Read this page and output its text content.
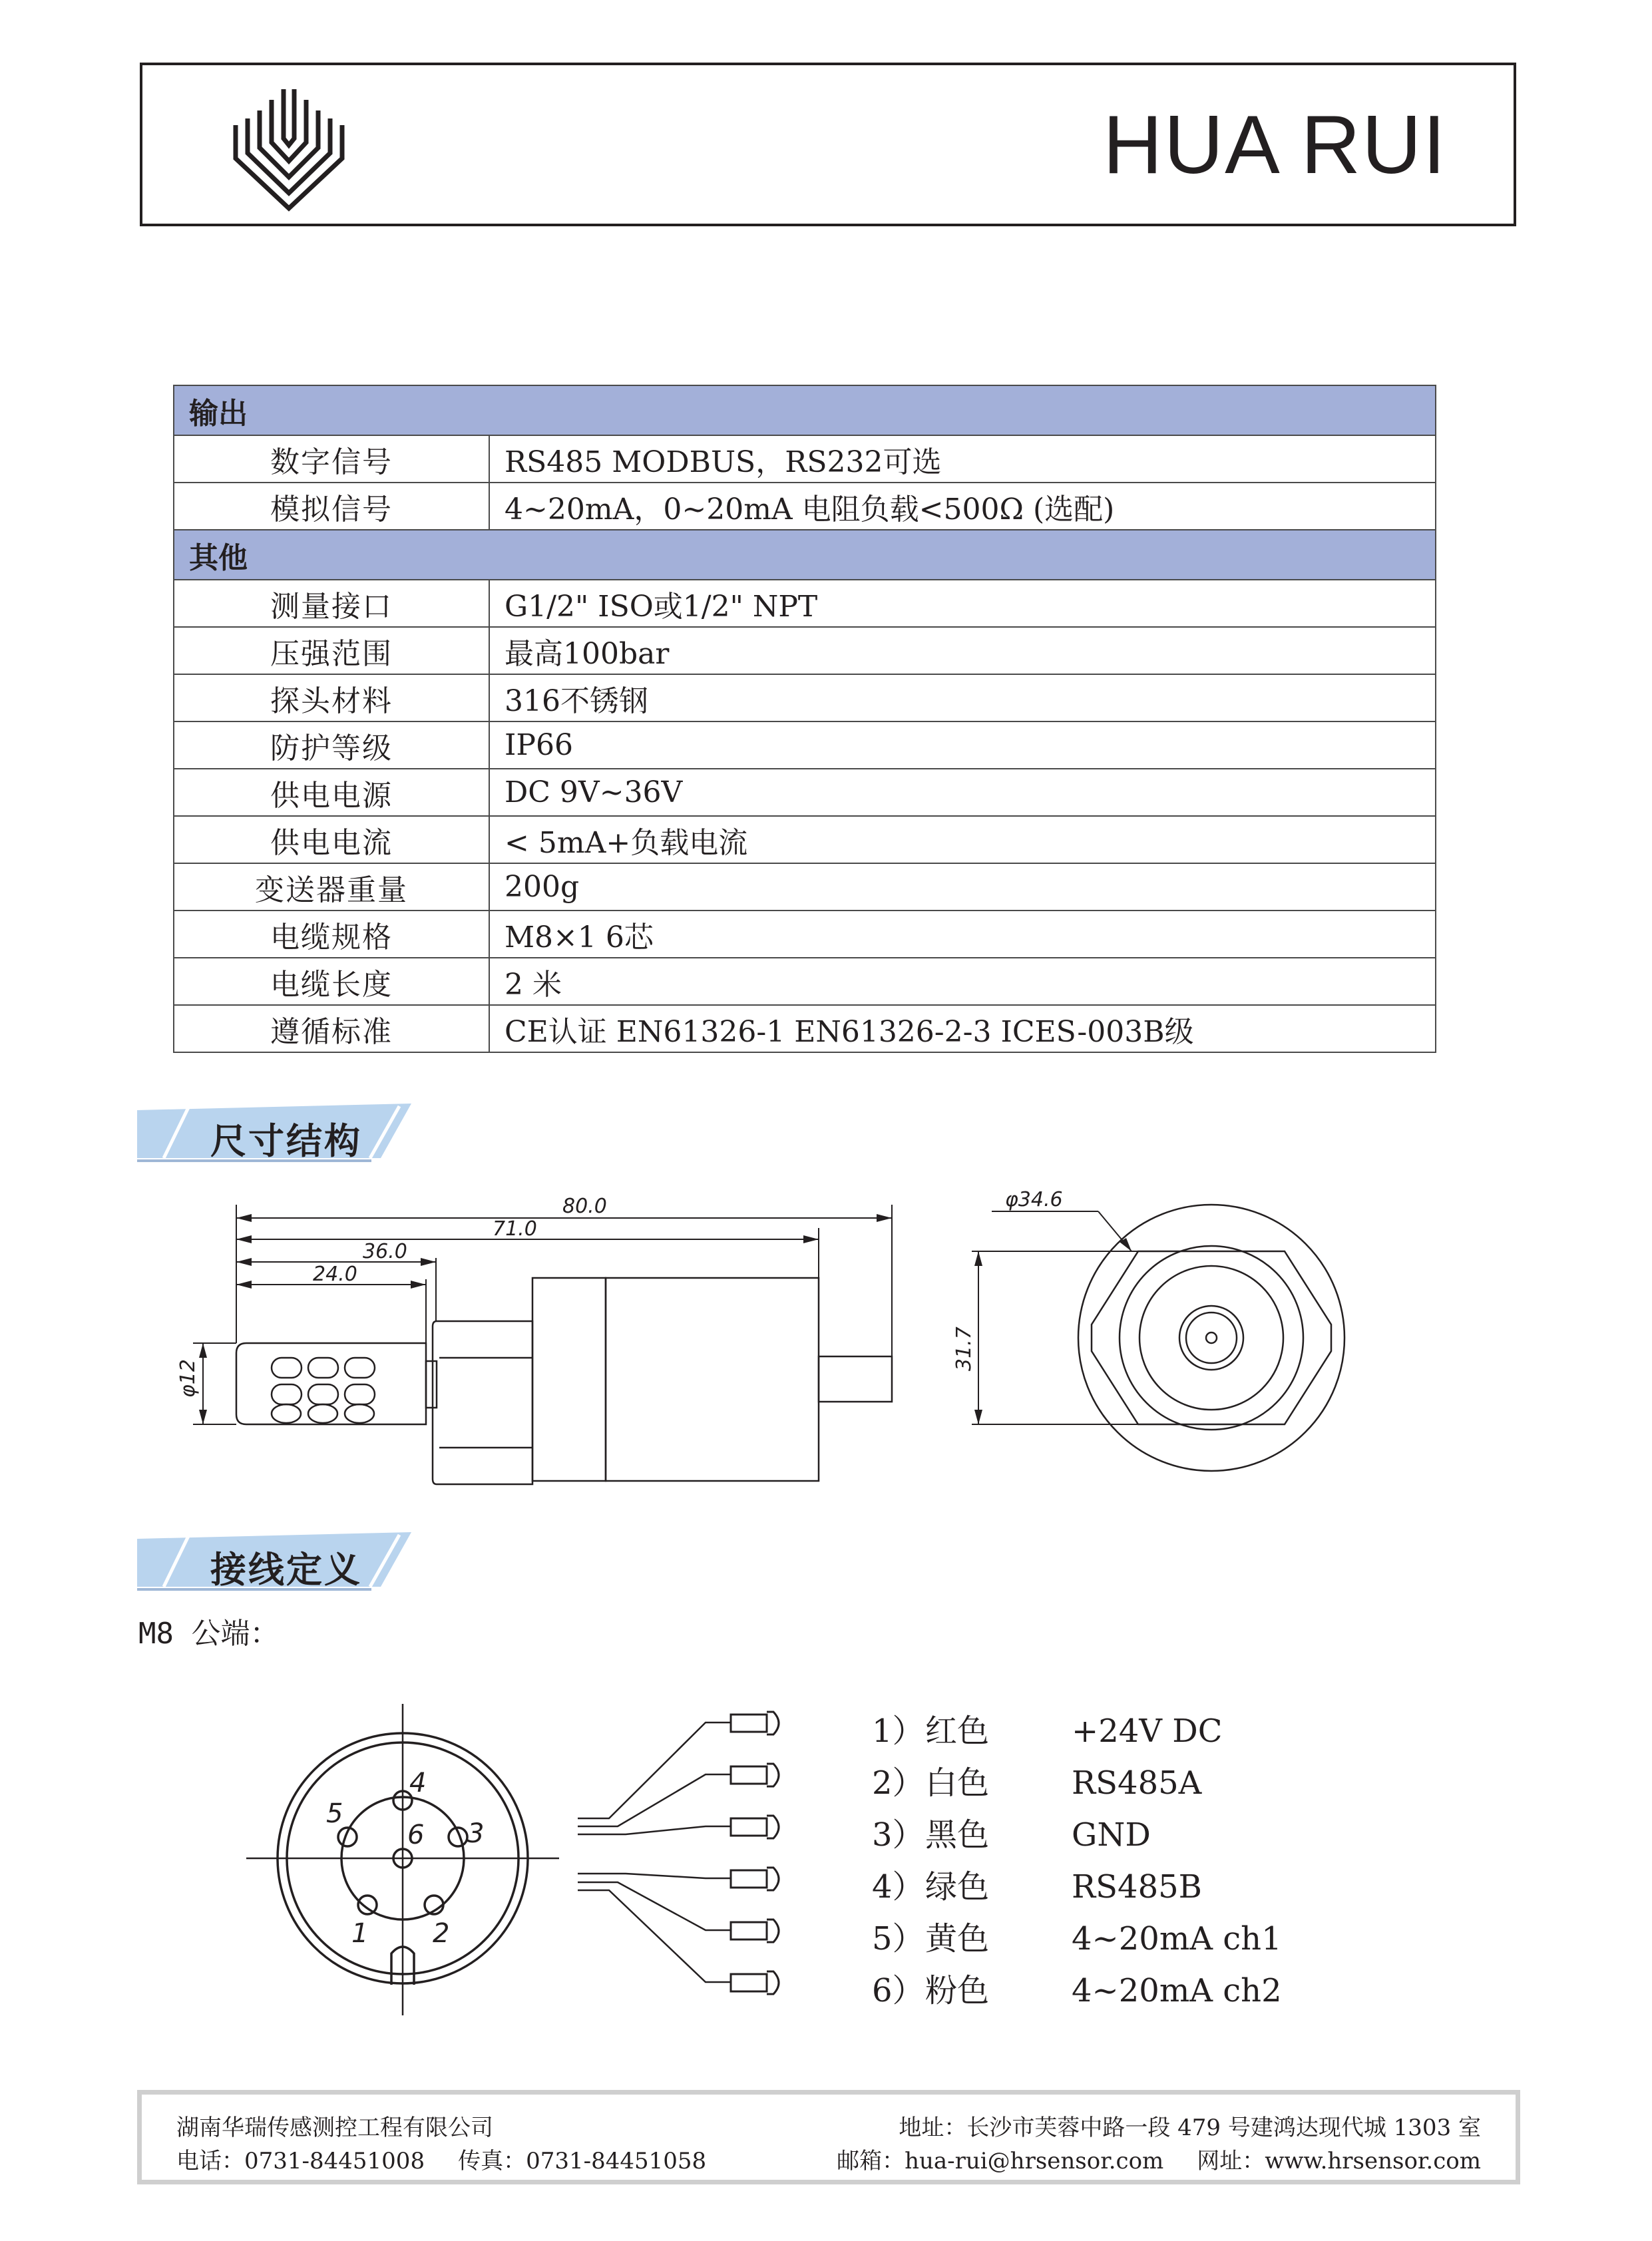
HUA RUI
输出	
数字信号	RS485 MODBUS，RS232可选
模拟信号	4~20mA，0~20mA 电阻负载<500Ω (选配)
其他	
测量接口	G1/2" ISO或1/2" NPT
压强范围	最高100bar
探头材料	316不锈钢
防护等级	IP66
供电电源	DC 9V~36V
供电电流	< 5mA+负载电流
变送器重量	200g
电缆规格	M8×1 6芯
电缆长度	2 米
遵循标准	CE认证 EN61326-1 EN61326-2-3 ICES-003B级
尺寸结构
80.0
71.0
36.0
24.0
φ12
φ34.6
31.7
接线定义
M8 公端：
1 2
3
4
5
6
1） 红色	+24V DC
2） 白色	RS485A
3） 黑色	GND
4） 绿色	RS485B
5） 黄色	4~20mA ch1
6） 粉色	4~20mA ch2
湖南华瑞传感测控工程有限公司
电话：0731-84451008 传真：0731-84451058
地址：长沙市芙蓉中路一段 479 号建鸿达现代城 1303 室
邮箱：hua-rui@hrsensor.com 网址：www.hrsensor.com
